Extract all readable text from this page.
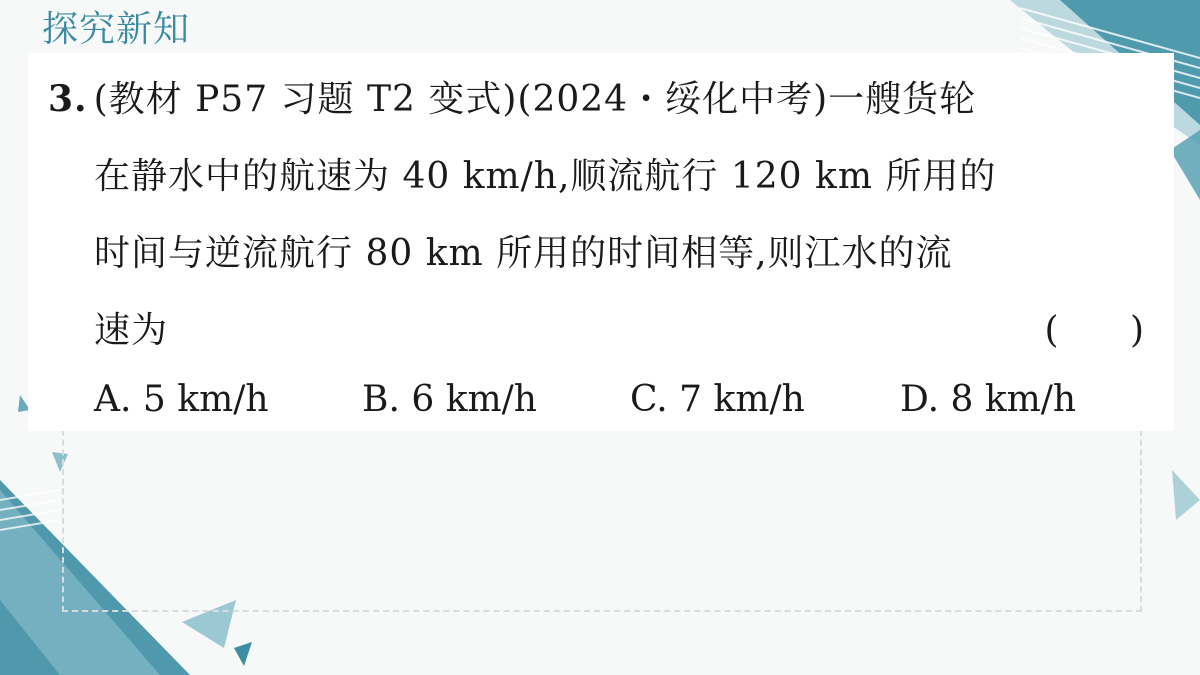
探究新知

3. (教材 P57 习题 T2 变式)(2024・绥化中考)一艘货轮

在静水中的航速为 40 km/h,顺流航行 120 km 所用的

时间与逆流航行 80 km 所用的时间相等,则江水的流

速为	( )
A. 5 km/h	B. 6 km/h	C. 7 km/h	D. 8 km/h
